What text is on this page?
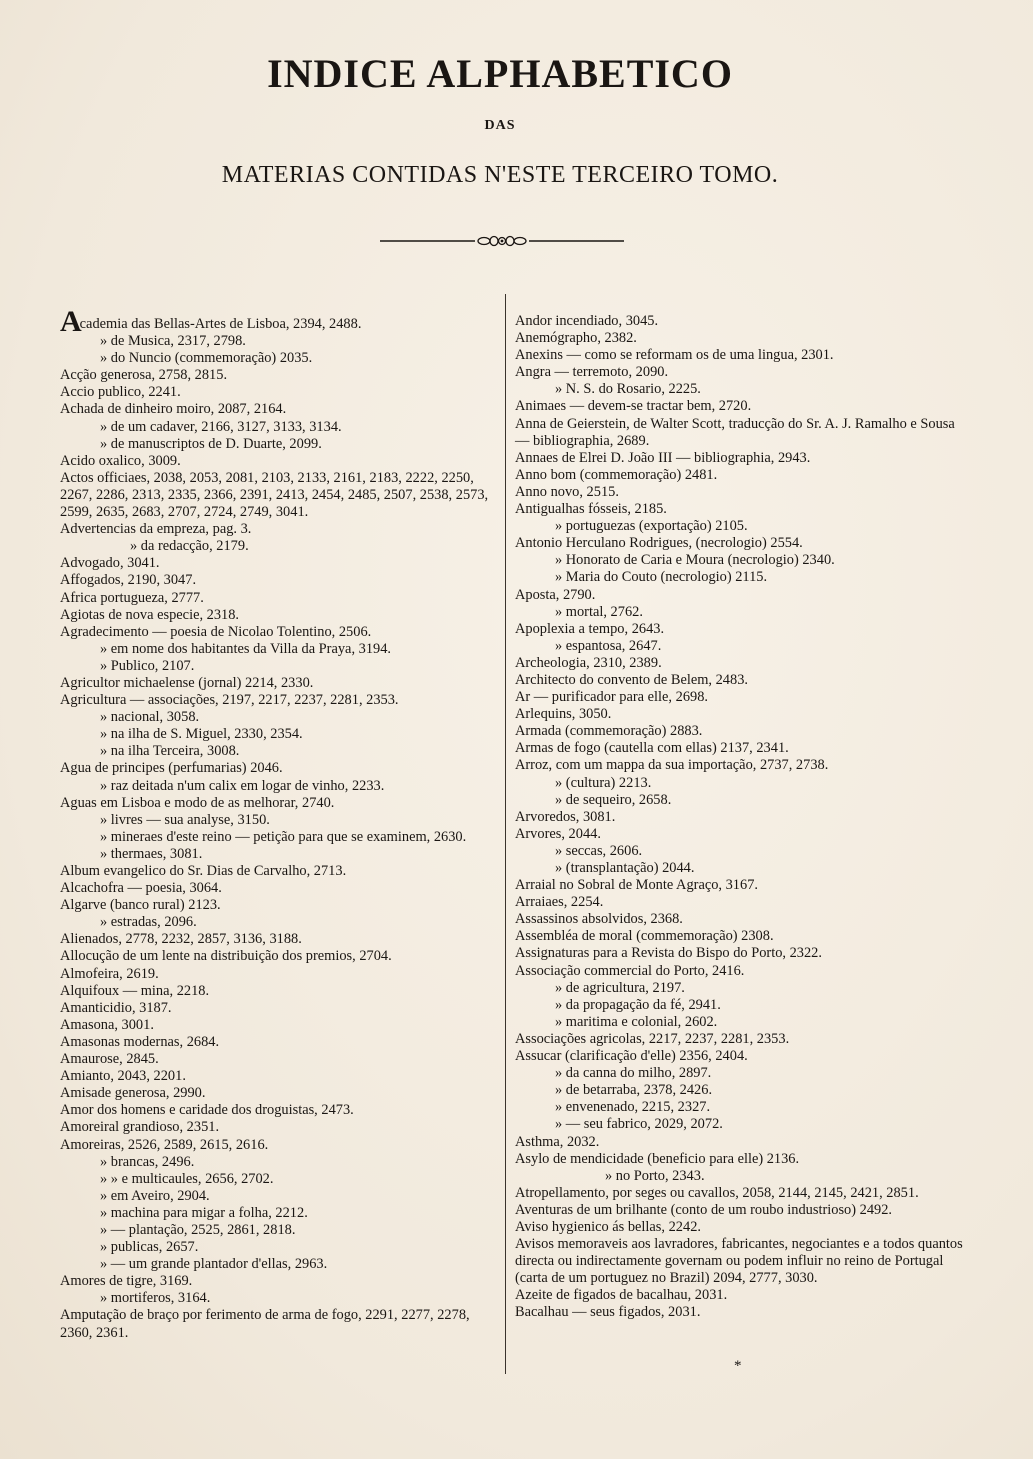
INDICE ALPHABETICO
DAS
MATERIAS CONTIDAS N'ESTE TERCEIRO TOMO.
Academia das Bellas-Artes de Lisboa, 2394, 2488.
» de Musica, 2317, 2798.
» do Nuncio (commemoração) 2035.
Acção generosa, 2758, 2815.
Accio publico, 2241.
Achada de dinheiro moiro, 2087, 2164.
» de um cadaver, 2166, 3127, 3133, 3134.
» de manuscriptos de D. Duarte, 2099.
Acido oxalico, 3009.
Actos officiaes, 2038, 2053, 2081, 2103, 2133, 2161, 2183, 2222, 2250, 2267, 2286, 2313, 2335, 2366, 2391, 2413, 2454, 2485, 2507, 2538, 2573, 2599, 2635, 2683, 2707, 2724, 2749, 3041.
Advertencias da empreza, pag. 3.
» da redacção, 2179.
Advogado, 3041.
Affogados, 2190, 3047.
Africa portugueza, 2777.
Agiotas de nova especie, 2318.
Agradecimento — poesia de Nicolao Tolentino, 2506.
» em nome dos habitantes da Villa da Praya, 3194.
» Publico, 2107.
Agricultor michaelense (jornal) 2214, 2330.
Agricultura — associações, 2197, 2217, 2237, 2281, 2353.
» nacional, 3058.
» na ilha de S. Miguel, 2330, 2354.
» na ilha Terceira, 3008.
Agua de principes (perfumarias) 2046.
» raz deitada n'um calix em logar de vinho, 2233.
Aguas em Lisboa e modo de as melhorar, 2740.
» livres — sua analyse, 3150.
» mineraes d'este reino — petição para que se examinem, 2630.
» thermaes, 3081.
Album evangelico do Sr. Dias de Carvalho, 2713.
Alcachofra — poesia, 3064.
Algarve (banco rural) 2123.
» estradas, 2096.
Alienados, 2778, 2232, 2857, 3136, 3188.
Allocução de um lente na distribuição dos premios, 2704.
Almofeira, 2619.
Alquifoux — mina, 2218.
Amanticidio, 3187.
Amasona, 3001.
Amasonas modernas, 2684.
Amaurose, 2845.
Amianto, 2043, 2201.
Amisade generosa, 2990.
Amor dos homens e caridade dos droguistas, 2473.
Amoreiral grandioso, 2351.
Amoreiras, 2526, 2589, 2615, 2616.
» brancas, 2496.
» » e multicaules, 2656, 2702.
» em Aveiro, 2904.
» machina para migar a folha, 2212.
» — plantação, 2525, 2861, 2818.
» publicas, 2657.
» — um grande plantador d'ellas, 2963.
Amores de tigre, 3169.
» mortiferos, 3164.
Amputação de braço por ferimento de arma de fogo, 2291, 2277, 2278, 2360, 2361.
Andor incendiado, 3045.
Anemógrapho, 2382.
Anexins — como se reformam os de uma lingua, 2301.
Angra — terremoto, 2090.
» N. S. do Rosario, 2225.
Animaes — devem-se tractar bem, 2720.
Anna de Geierstein, de Walter Scott, traducção do Sr. A. J. Ramalho e Sousa — bibliographia, 2689.
Annaes de Elrei D. João III — bibliographia, 2943.
Anno bom (commemoração) 2481.
Anno novo, 2515.
Antigualhas fósseis, 2185.
» portuguezas (exportação) 2105.
Antonio Herculano Rodrigues, (necrologio) 2554.
» Honorato de Caria e Moura (necrologio) 2340.
» Maria do Couto (necrologio) 2115.
Aposta, 2790.
» mortal, 2762.
Apoplexia a tempo, 2643.
» espantosa, 2647.
Archeologia, 2310, 2389.
Architecto do convento de Belem, 2483.
Ar — purificador para elle, 2698.
Arlequins, 3050.
Armada (commemoração) 2883.
Armas de fogo (cautella com ellas) 2137, 2341.
Arroz, com um mappa da sua importação, 2737, 2738.
» (cultura) 2213.
» de sequeiro, 2658.
Arvoredos, 3081.
Arvores, 2044.
» seccas, 2606.
» (transplantação) 2044.
Arraial no Sobral de Monte Agraço, 3167.
Arraiaes, 2254.
Assassinos absolvidos, 2368.
Assembléa de moral (commemoração) 2308.
Assignaturas para a Revista do Bispo do Porto, 2322.
Associação commercial do Porto, 2416.
» de agricultura, 2197.
» da propagação da fé, 2941.
» maritima e colonial, 2602.
Associações agricolas, 2217, 2237, 2281, 2353.
Assucar (clarificação d'elle) 2356, 2404.
» da canna do milho, 2897.
» de betarraba, 2378, 2426.
» envenenado, 2215, 2327.
» — seu fabrico, 2029, 2072.
Asthma, 2032.
Asylo de mendicidade (beneficio para elle) 2136.
» no Porto, 2343.
Atropellamento, por seges ou cavallos, 2058, 2144, 2145, 2421, 2851.
Aventuras de um brilhante (conto de um roubo industrioso) 2492.
Aviso hygienico ás bellas, 2242.
Avisos memoraveis aos lavradores, fabricantes, negociantes e a todos quantos directa ou indirectamente governam ou podem influir no reino de Portugal (carta de um portuguez no Brazil) 2094, 2777, 3030.
Azeite de figados de bacalhau, 2031.
Bacalhau — seus figados, 2031.
*
